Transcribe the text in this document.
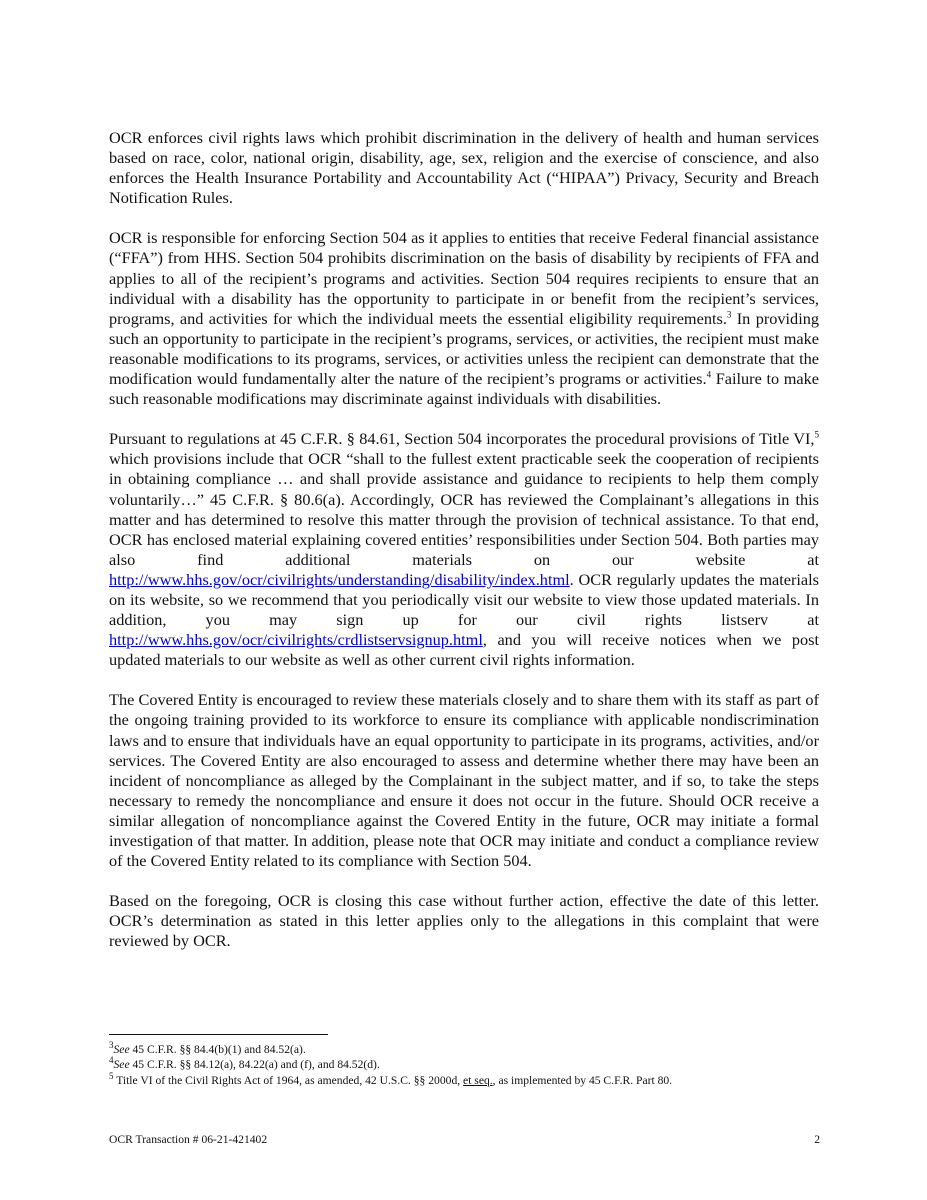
OCR enforces civil rights laws which prohibit discrimination in the delivery of health and human services based on race, color, national origin, disability, age, sex, religion and the exercise of conscience, and also enforces the Health Insurance Portability and Accountability Act (“HIPAA”) Privacy, Security and Breach Notification Rules.

OCR is responsible for enforcing Section 504 as it applies to entities that receive Federal financial assistance (“FFA”) from HHS. Section 504 prohibits discrimination on the basis of disability by recipients of FFA and applies to all of the recipient’s programs and activities. Section 504 requires recipients to ensure that an individual with a disability has the opportunity to participate in or benefit from the recipient’s services, programs, and activities for which the individual meets the essential eligibility requirements.$^3$ In providing such an opportunity to participate in the recipient’s programs, services, or activities, the recipient must make reasonable modifications to its programs, services, or activities unless the recipient can demonstrate that the modification would fundamentally alter the nature of the recipient’s programs or activities.$^4$ Failure to make such reasonable modifications may discriminate against individuals with disabilities.

Pursuant to regulations at 45 C.F.R. § 84.61, Section 504 incorporates the procedural provisions of Title VI,$^5$ which provisions include that OCR “shall to the fullest extent practicable seek the cooperation of recipients in obtaining compliance … and shall provide assistance and guidance to recipients to help them comply voluntarily…” 45 C.F.R. § 80.6(a). Accordingly, OCR has reviewed the Complainant’s allegations in this matter and has determined to resolve this matter through the provision of technical assistance. To that end, OCR has enclosed material explaining covered entities’ responsibilities under Section 504. Both parties may also find additional materials on our website at http://www.hhs.gov/ocr/civilrights/understanding/disability/index.html. OCR regularly updates the materials on its website, so we recommend that you periodically visit our website to view those updated materials. In addition, you may sign up for our civil rights listserv at http://www.hhs.gov/ocr/civilrights/crdlistservsignup.html, and you will receive notices when we post updated materials to our website as well as other current civil rights information.

The Covered Entity is encouraged to review these materials closely and to share them with its staff as part of the ongoing training provided to its workforce to ensure its compliance with applicable nondiscrimination laws and to ensure that individuals have an equal opportunity to participate in its programs, activities, and/or services. The Covered Entity are also encouraged to assess and determine whether there may have been an incident of noncompliance as alleged by the Complainant in the subject matter, and if so, to take the steps necessary to remedy the noncompliance and ensure it does not occur in the future. Should OCR receive a similar allegation of noncompliance against the Covered Entity in the future, OCR may initiate a formal investigation of that matter. In addition, please note that OCR may initiate and conduct a compliance review of the Covered Entity related to its compliance with Section 504.

Based on the foregoing, OCR is closing this case without further action, effective the date of this letter. OCR’s determination as stated in this letter applies only to the allegations in this complaint that were reviewed by OCR.

$^3$See 45 C.F.R. §§ 84.4(b)(1) and 84.52(a).

$^4$See 45 C.F.R. §§ 84.12(a), 84.22(a) and (f), and 84.52(d).

$^5$ Title VI of the Civil Rights Act of 1964, as amended, 42 U.S.C. §§ 2000d, et seq., as implemented by 45 C.F.R. Part 80.

OCR Transaction # 06-21-421402	2
